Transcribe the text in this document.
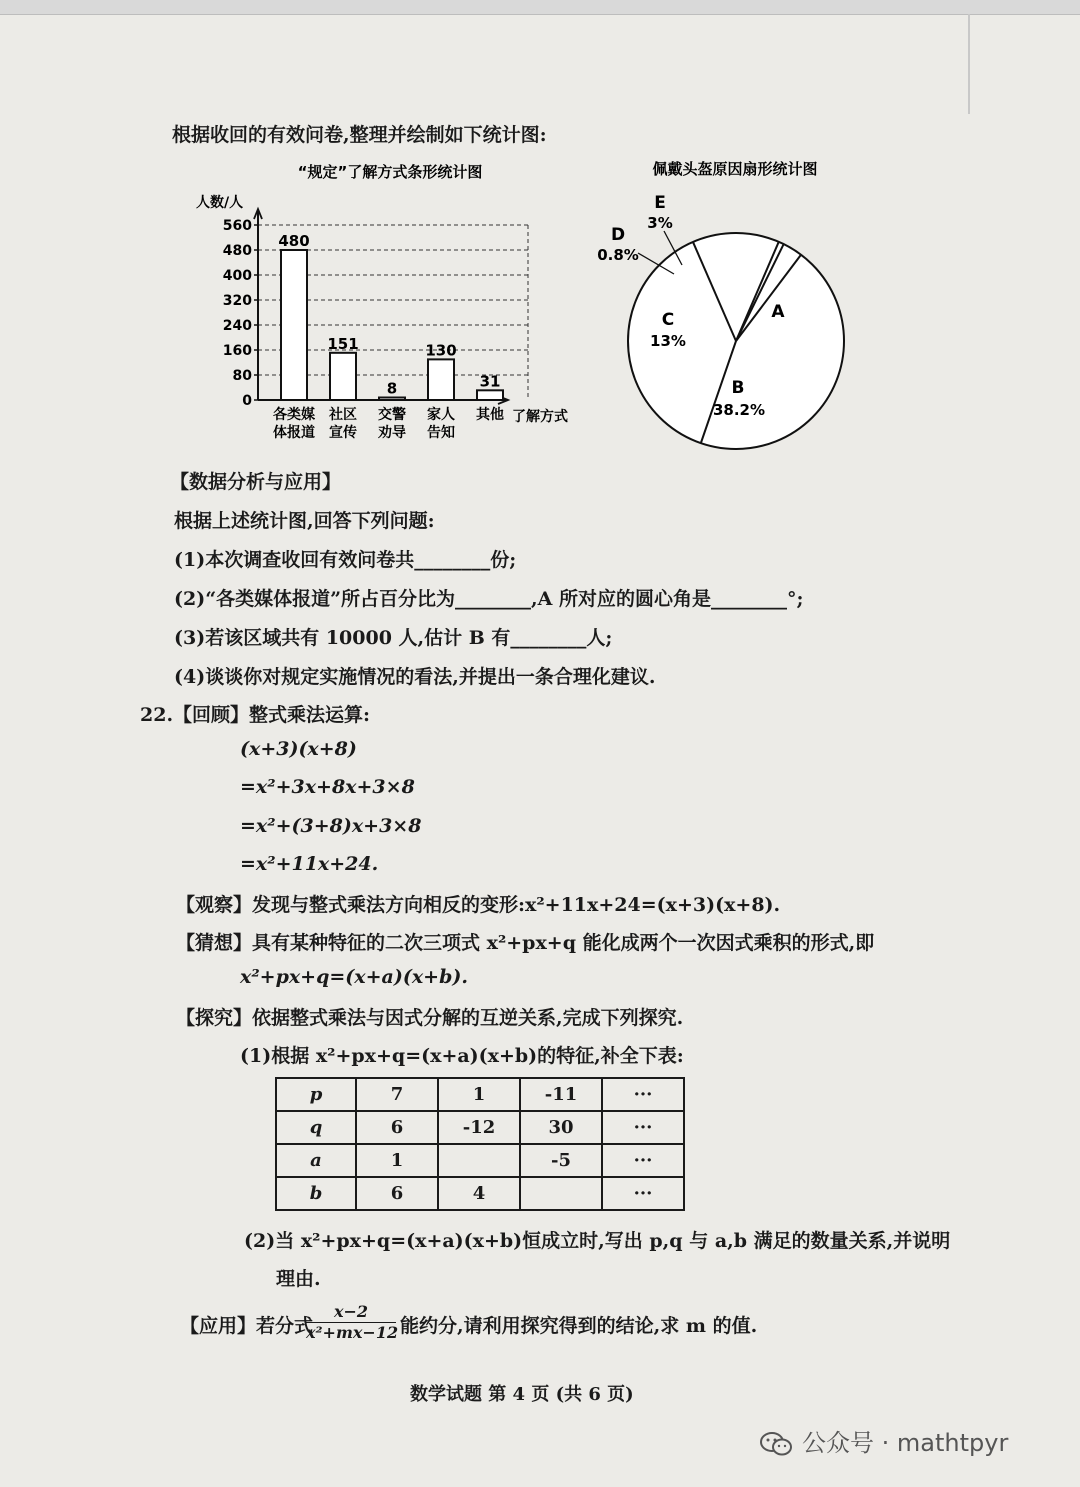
根据收回的有效问卷,整理并绘制如下统计图:
“规定”了解方式条形统计图
人数/人
0
80
160
240
320
400
480
560
了解方式
480
各类媒
体报道
151
社区
宣传
8
交警
劝导
130
家人
告知
31
其他
佩戴头盔原因扇形统计图
A
B
38.2%
C
13%
D
0.8%
E
3%
【数据分析与应用】
根据上述统计图,回答下列问题:
(1)本次调查收回有效问卷共________份;
(2)“各类媒体报道”所占百分比为________,A 所对应的圆心角是________°;
(3)若该区域共有 10000 人,估计 B 有________人;
(4)谈谈你对规定实施情况的看法,并提出一条合理化建议.
22.【回顾】整式乘法运算:
(x+3)(x+8)
=x²+3x+8x+3×8
=x²+(3+8)x+3×8
=x²+11x+24.
【观察】发现与整式乘法方向相反的变形:x²+11x+24=(x+3)(x+8).
【猜想】具有某种特征的二次三项式 x²+px+q 能化成两个一次因式乘积的形式,即
x²+px+q=(x+a)(x+b).
【探究】依据整式乘法与因式分解的互逆关系,完成下列探究.
(1)根据 x²+px+q=(x+a)(x+b)的特征,补全下表:
p	7	1	-11	···
q	6	-12	30	···
a	1		-5	···
b	6	4		···
(2)当 x²+px+q=(x+a)(x+b)恒成立时,写出 p,q 与 a,b 满足的数量关系,并说明
理由.
【应用】若分式
$\frac{x-2}{\text{x²+mx−12}}$ 能约分,请利用探究得到的结论,求 m 的值.
数学试题 第 4 页 (共 6 页)
公众号 · mathtpyr
